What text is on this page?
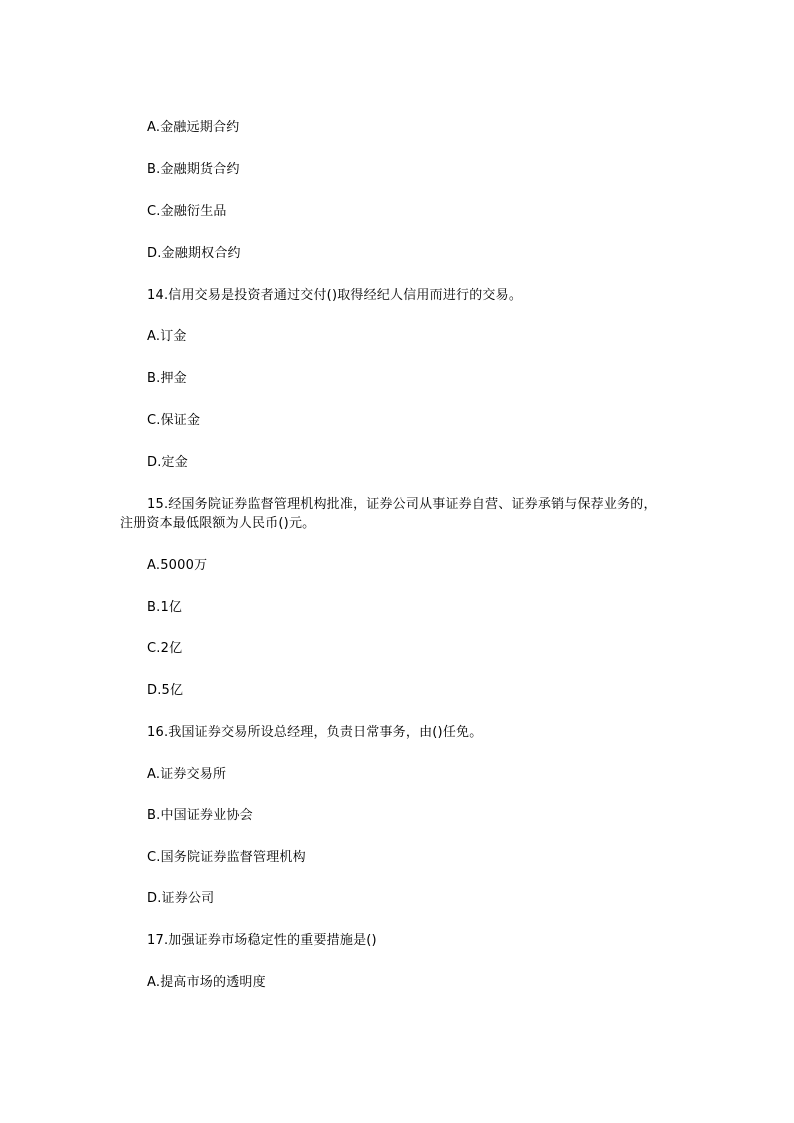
A.金融远期合约
B.金融期货合约
C.金融衍生品
D.金融期权合约
14.信用交易是投资者通过交付()取得经纪人信用而进行的交易。
A.订金
B.押金
C.保证金
D.定金
15.经国务院证券监督管理机构批准，证券公司从事证券自营、证券承销与保荐业务的，
注册资本最低限额为人民币()元。
A.5000万
B.1亿
C.2亿
D.5亿
16.我国证券交易所设总经理，负责日常事务，由()任免。
A.证券交易所
B.中国证券业协会
C.国务院证券监督管理机构
D.证券公司
17.加强证券市场稳定性的重要措施是()
A.提高市场的透明度
